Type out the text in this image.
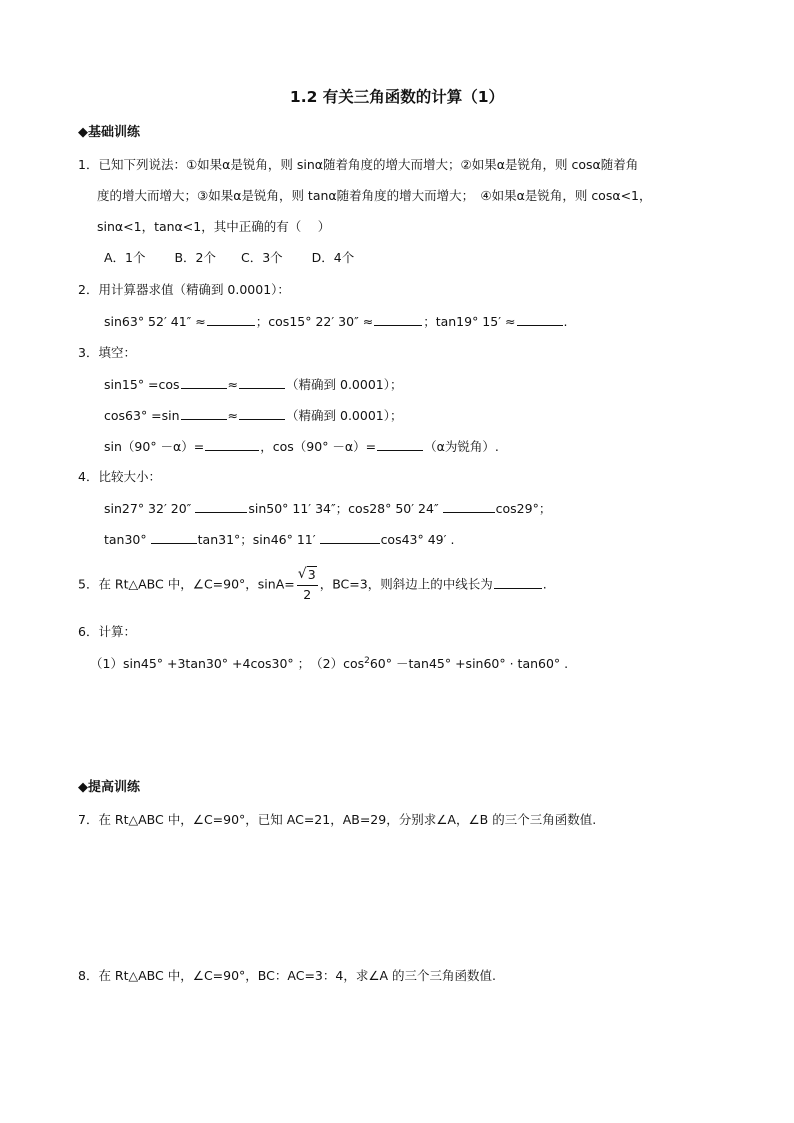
1.2 有关三角函数的计算（1）
◆基础训练
1．已知下列说法：①如果α是锐角，则 sinα随着角度的增大而增大；②如果α是锐角，则 cosα随着角
度的增大而增大；③如果α是锐角，则 tanα随着角度的增大而增大；　④如果α是锐角，则 cosα<1，
sinα<1，tanα<1，其中正确的有（　 ）
A．1个　　 B．2个　　C．3个　　 D．4个
2．用计算器求值（精确到 0.0001）：
sin63° 52′ 41″ ≈	；cos15° 22′ 30″ ≈	；tan19° 15′ ≈	.
3．填空：
sin15° =cos	≈	（精确到 0.0001）；
cos63° =sin	≈	（精确到 0.0001）；
sin（90° －α）=	，cos（90° －α）=	（α为锐角）.
4．比较大小：
sin27° 32′ 20″	sin50° 11′ 34″；cos28° 50′ 24″	cos29°；
tan30°	tan31°；sin46° 11′	cos43° 49′ .
5．在 Rt△ABC 中，∠C=90°，$\sin A= \frac{√ 3}{2}$ ，BC=3，则斜边上的中线长为	.
6．计算：
（1）sin45° +3tan30° +4cos30° ；　$(2)\cos^260^\circ -\tan 45^\circ +\sin 60^\circ \cdot \tan 60^\circ$ .
◆提高训练
7．在 Rt△ABC 中，∠C=90°，已知 AC=21，AB=29，分别求∠A，∠B 的三个三角函数值.
8．在 Rt△ABC 中，∠C=90°，BC：AC=3：4，求∠A 的三个三角函数值.
